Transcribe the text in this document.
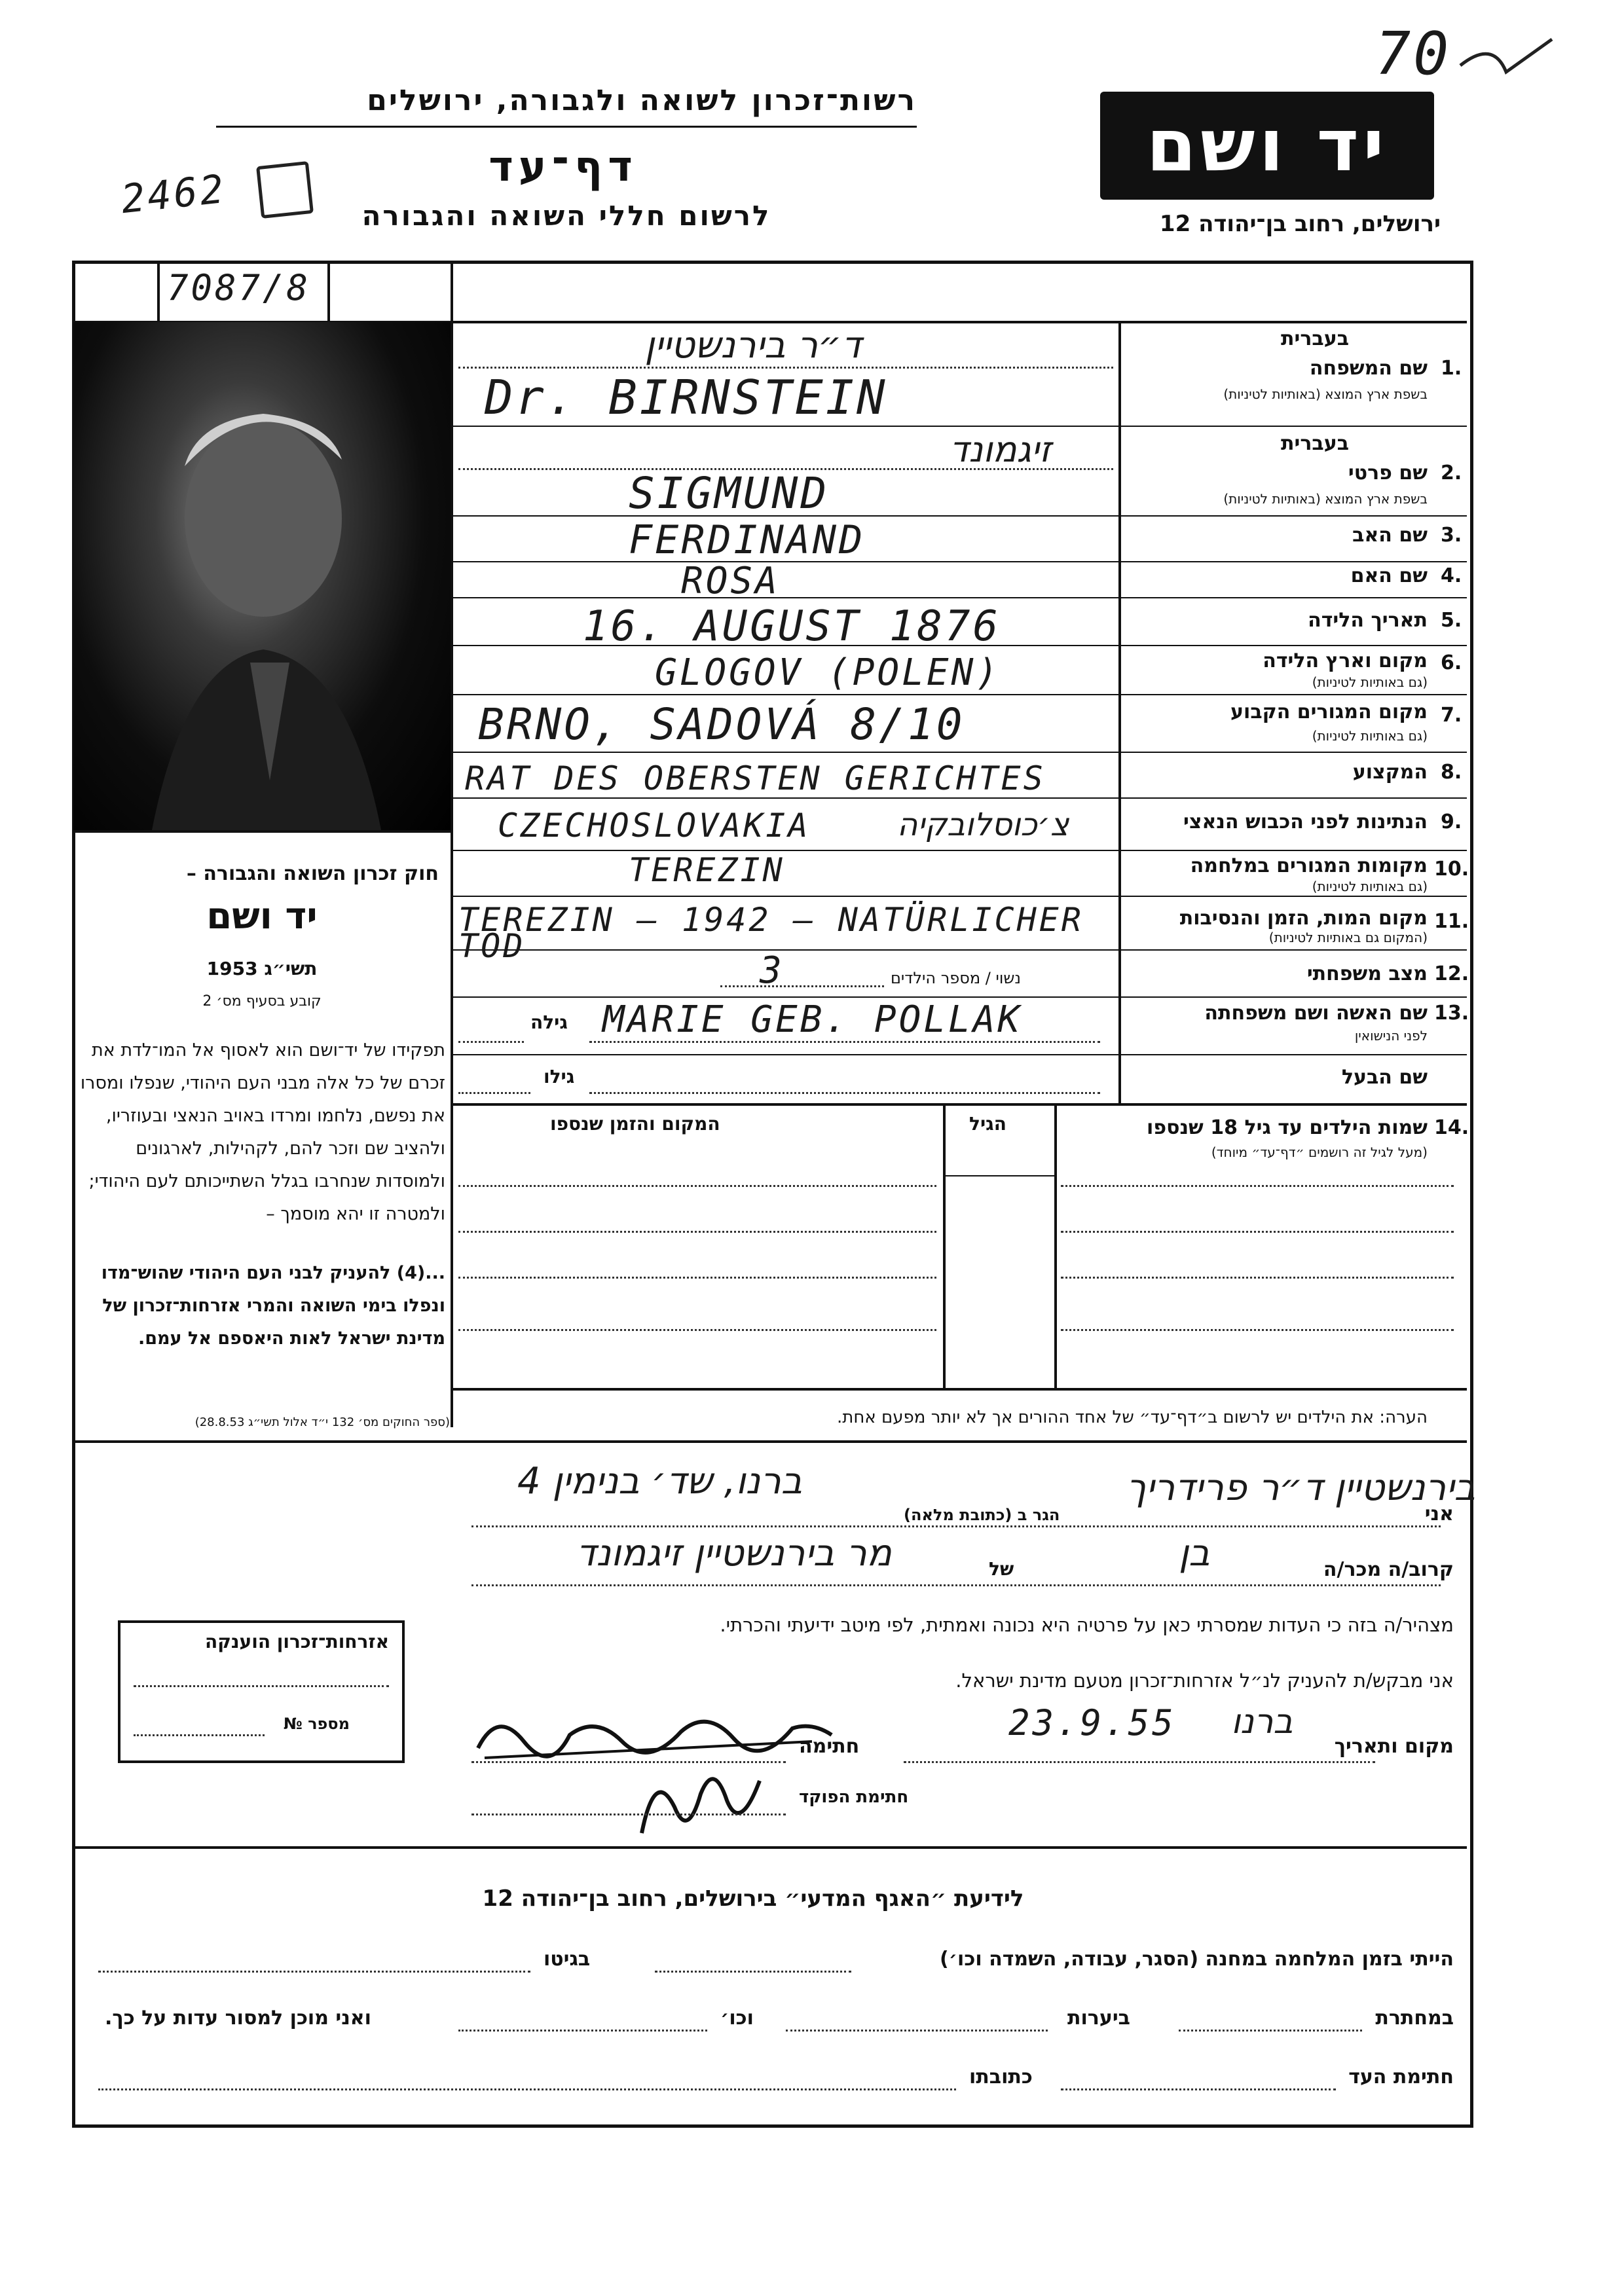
רשות־זכרון לשואה ולגבורה, ירושלים
דף־עד
לרשום חללי השואה והגבורה
יד ושם
ירושלים, רחוב בן־יהודה 12
2462
70
7087/8
חוק זכרון השואה והגבורה –
יד ושם
תשי״ג 1953
קובע בסעיף מס׳ 2
תפקידו של יד־ושם הוא לאסוף אל המו־לדת את זכרם של כל אלה מבני העם היהודי, שנפלו ומסרו את נפשם, נלחמו ומרדו באויב הנאצי ובעוזריו, ולהציב שם וזכר להם, לקהילות, לארגונים ולמוסדות שנחרבו בגלל השתייכותם לעם היהודי; ולמטרה זו יהא מוסמך –
...(4) להעניק לבני העם היהודי שהוש־מדו ונפלו בימי השואה והמרי אזרחות־זכרון של מדינת ישראל לאות היאספם אל עמם.
(ספר החוקים מס׳ 132 י״ד אלול תשי״ג 28.8.53)
בעברית
שם המשפחה 1.
בשפת ארץ המוצא (באותיות לטיניות)
ד״ר בירנשטיין
Dr. BIRNSTEIN
בעברית
שם פרטי 2.
בשפת ארץ המוצא (באותיות לטיניות)
זיגמונד
SIGMUND
שם האב 3.
FERDINAND
שם האם 4.
ROSA
תאריך הלידה 5.
16. AUGUST 1876
מקום וארץ הלידה 6.
(גם באותיות לטיניות)
GLOGOV (POLEN)
מקום המגורים הקבוע 7.
(גם באותיות לטיניות)
BRNO, SADOVÁ 8/10
המקצוע 8.
RAT DES OBERSTEN GERICHTES
הנתינות לפני הכבוש הנאצי 9.
CZECHOSLOVAKIA	צ׳כוסלובקיה
מקומות המגורים במלחמה 10.
(גם באותיות לטיניות)
TEREZIN
מקום המות, הזמן והנסיבות 11.
(המקום גם באותיות לטיניות)
TEREZIN – 1942 – NATÜRLICHER TOD
מצב משפחתי 12.
נשוי / מספר הילדים
3
שם האשה ושם משפחתה 13.
לפני הנישואין
גילה MARIE GEB. POLLAK
שם הבעל
גילו
שמות הילדים עד גיל 18 שנספו 14.
(מעל לגיל זה רושמים ״דף־עד״ מיוחד)
הגיל
המקום והזמן שנספו
הערה: את הילדים יש לרשום ב״דף־עד״ של אחד ההורים אך לא יותר מפעם אחת.
אני
בירנשטיין ד״ר פרידריך
הגר ב (כתובת מלאה)
ברנו, שד׳ בנימין 4
קרוב/ה מכר/ה
בן
של
מר בירנשטיין זיגמונד
מצהיר/ה בזה כי העדות שמסרתי כאן על פרטיה היא נכונה ואמתית, לפי מיטב ידיעתי והכרתי.
אני מבקש/ת להעניק לנ״ל אזרחות־זכרון מטעם מדינת ישראל.
מקום ותאריך
ברנו
23.9.55
חתימה
חתימת הפוקד
אזרחות־זכרון הוענקה
מספר №
לידיעת ״האגף המדעי״ בירושלים, רחוב בן־יהודה 12
הייתי בזמן המלחמה במחנה (הסגר, עבודה, השמדה וכו׳)
בגיטו
במחתרת
ביערות
וכו׳
ואני מוכן למסור עדות על כך.
חתימת העד
כתובתו
